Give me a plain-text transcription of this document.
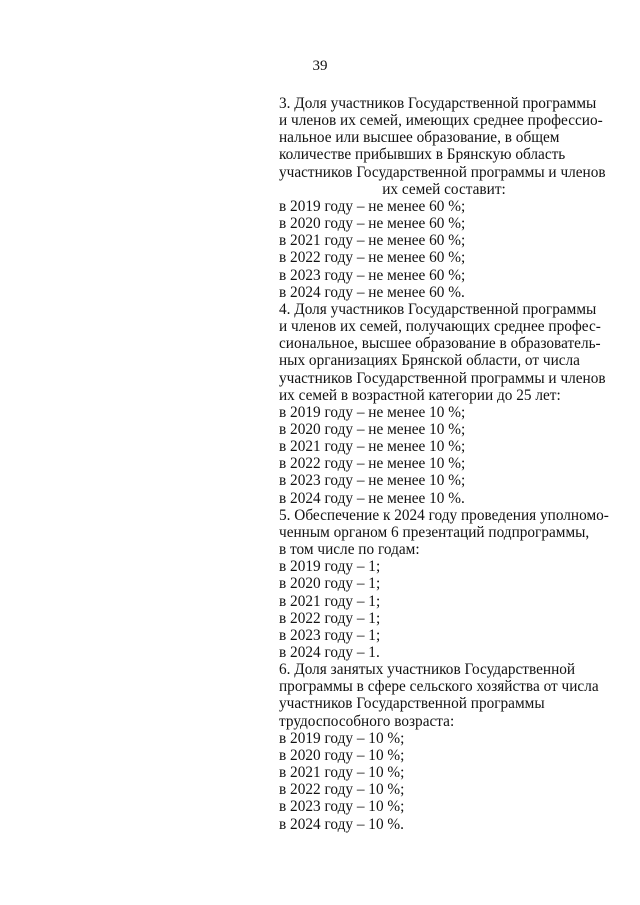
39
3. Доля участников Государственной программы
и членов их семей, имеющих среднее профессио-
нальное или высшее образование, в общем
количестве прибывших в Брянскую область
участников Государственной программы и членов
их семей составит:
в 2019 году – не менее 60 %;
в 2020 году – не менее 60 %;
в 2021 году – не менее 60 %;
в 2022 году – не менее 60 %;
в 2023 году – не менее 60 %;
в 2024 году – не менее 60 %.
4. Доля участников Государственной программы
и членов их семей, получающих среднее профес-
сиональное, высшее образование в образователь-
ных организациях Брянской области, от числа
участников Государственной программы и членов
их семей в возрастной категории до 25 лет:
в 2019 году – не менее 10 %;
в 2020 году – не менее 10 %;
в 2021 году – не менее 10 %;
в 2022 году – не менее 10 %;
в 2023 году – не менее 10 %;
в 2024 году – не менее 10 %.
5. Обеспечение к 2024 году проведения уполномо-
ченным органом 6 презентаций подпрограммы,
в том числе по годам:
в 2019 году – 1;
в 2020 году – 1;
в 2021 году – 1;
в 2022 году – 1;
в 2023 году – 1;
в 2024 году – 1.
6. Доля занятых участников Государственной
программы в сфере сельского хозяйства от числа
участников Государственной программы
трудоспособного возраста:
в 2019 году – 10 %;
в 2020 году – 10 %;
в 2021 году – 10 %;
в 2022 году – 10 %;
в 2023 году – 10 %;
в 2024 году – 10 %.
